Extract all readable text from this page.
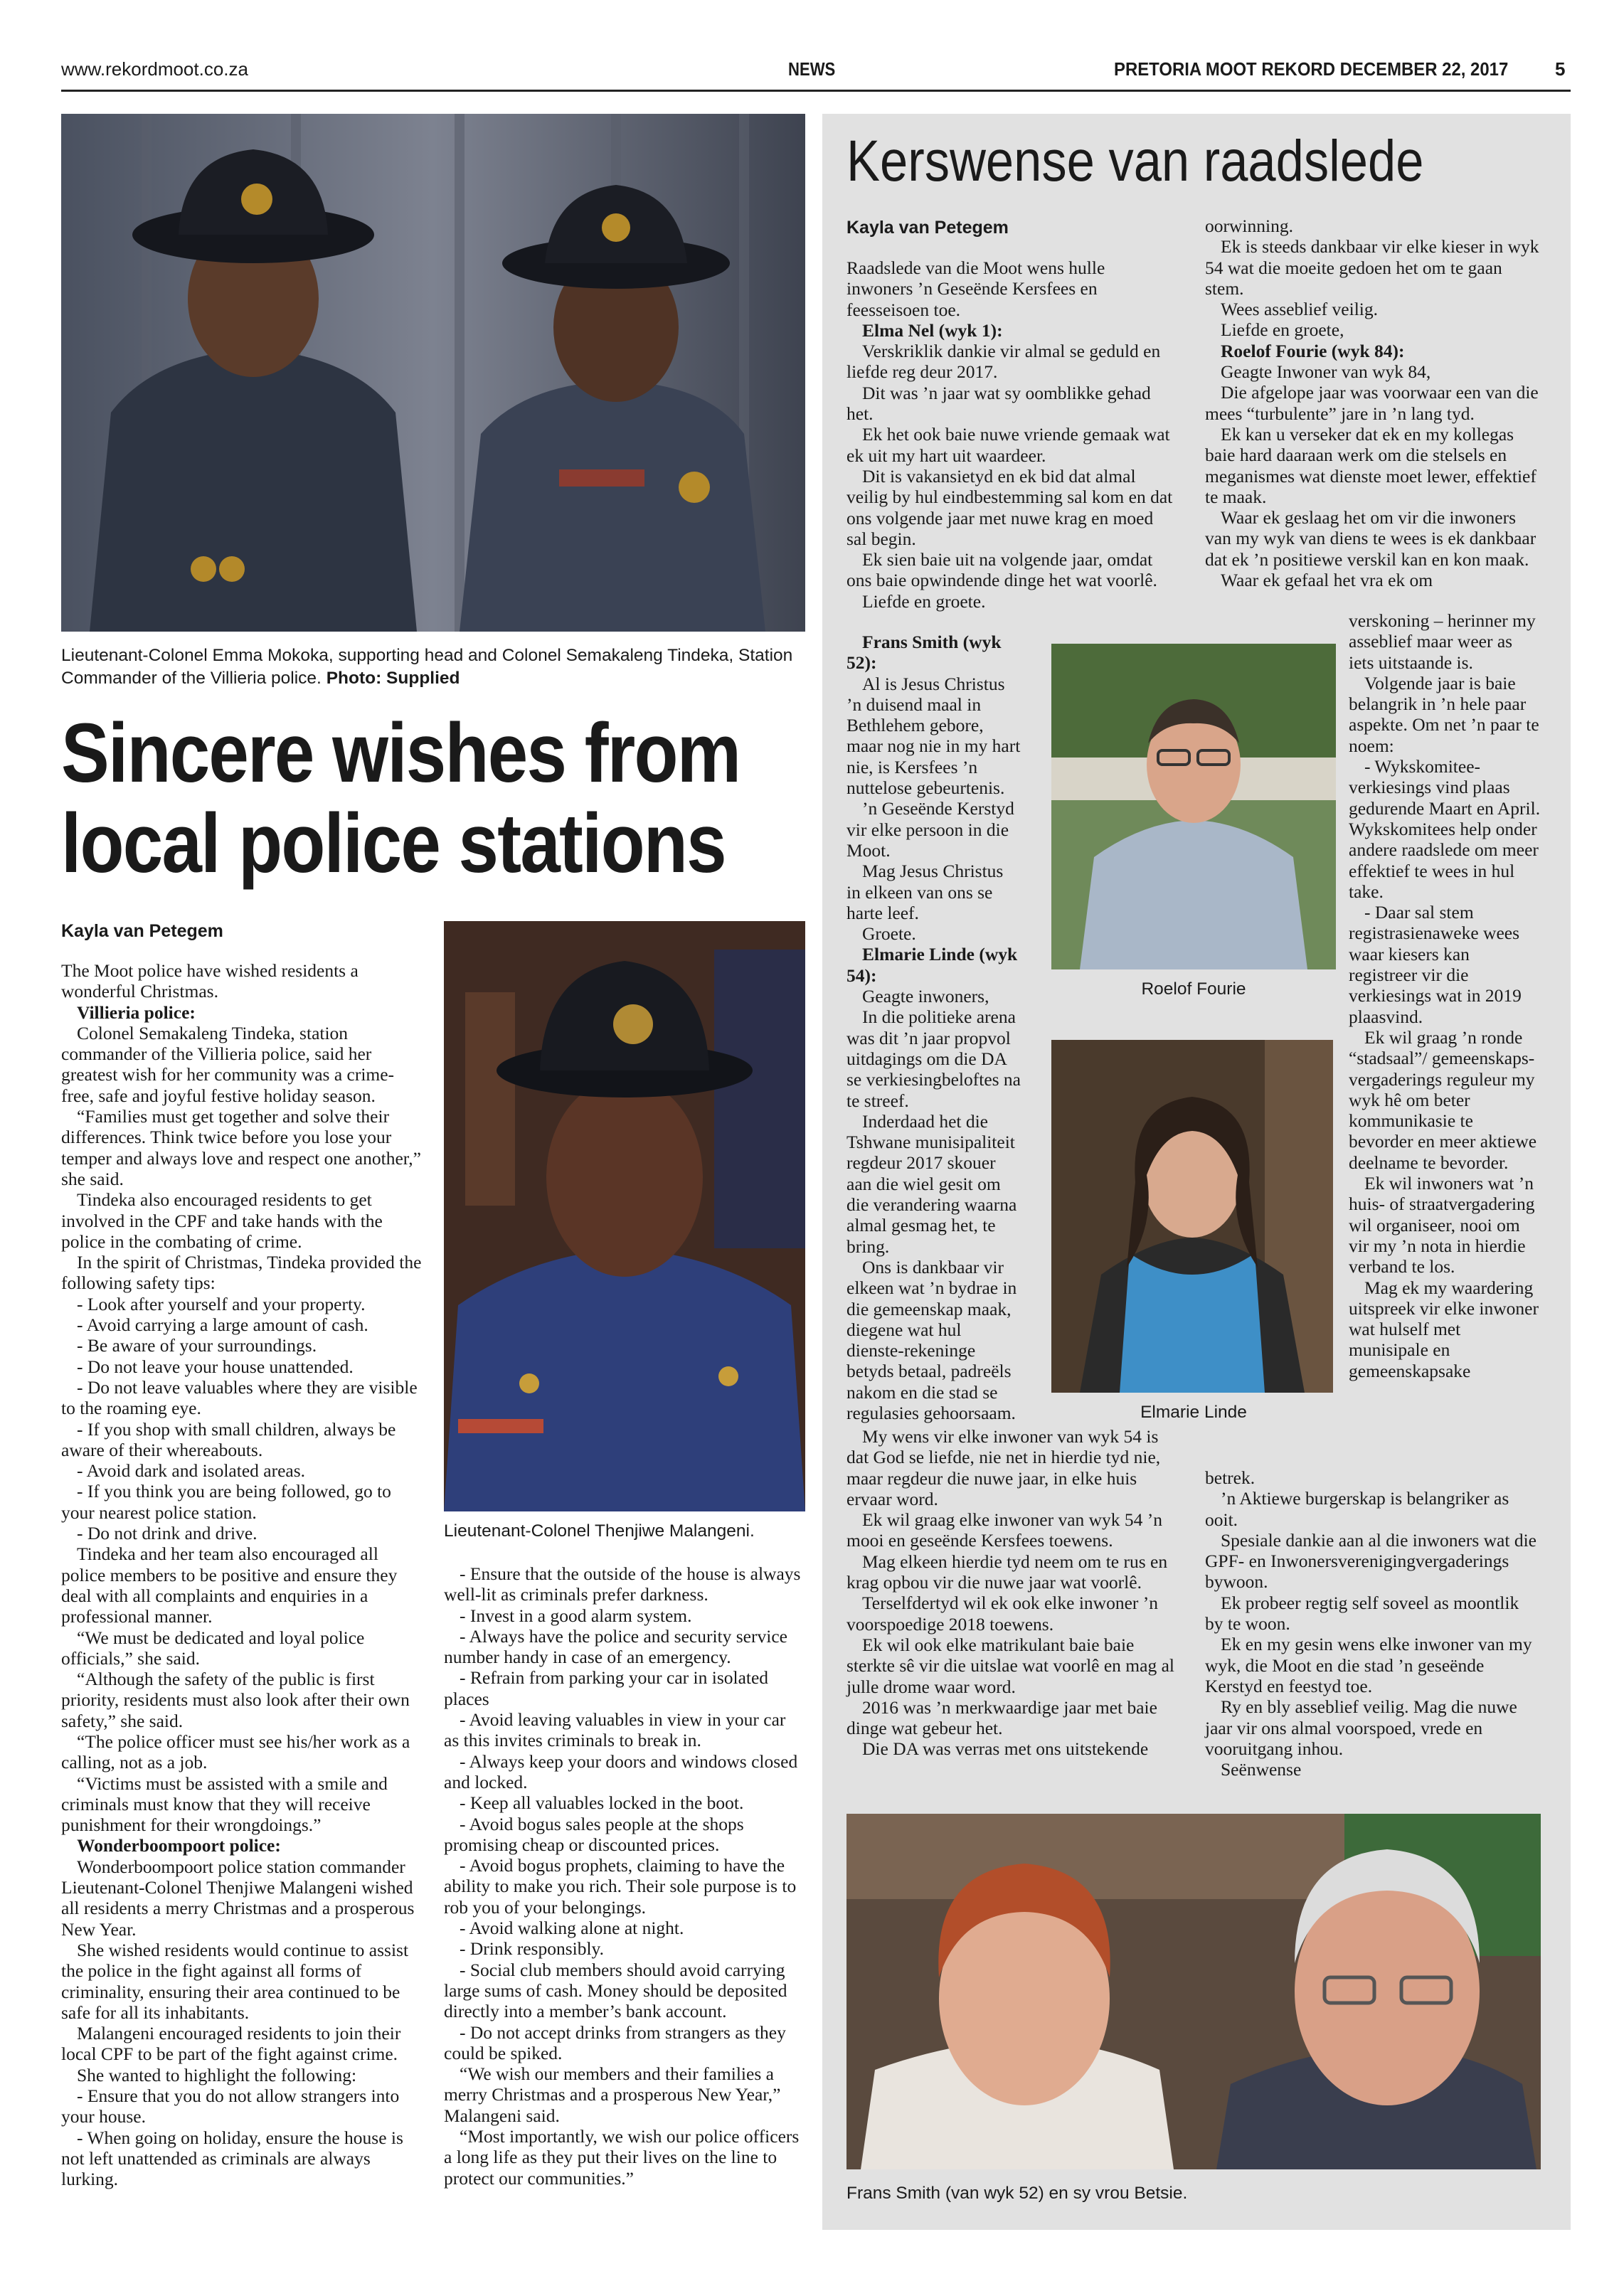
www.rekordmoot.co.za	NEWS	PRETORIA MOOT REKORD DECEMBER 22, 2017	5
Lieutenant-Colonel Emma Mokoka, supporting head and Colonel Semakaleng Tindeka, Station Commander of the Villieria police. Photo: Supplied
Sincere wishes from
local police stations
Kayla van Petegem

The Moot police have wished residents a wonderful Christmas.

Villieria police:

Colonel Semakaleng Tindeka, station commander of the Villieria police, said her greatest wish for her community was a crime-free, safe and joyful festive holiday season.

“Families must get together and solve their differences. Think twice before you lose your temper and always love and respect one another,” she said.

Tindeka also encouraged residents to get involved in the CPF and take hands with the police in the combating of crime.

In the spirit of Christmas, Tindeka provided the following safety tips:

- Look after yourself and your property.

- Avoid carrying a large amount of cash.

- Be aware of your surroundings.

- Do not leave your house unattended.

- Do not leave valuables where they are visible to the roaming eye.

- If you shop with small children, always be aware of their whereabouts.

- Avoid dark and isolated areas.

- If you think you are being followed, go to your nearest police station.

- Do not drink and drive.

Tindeka and her team also encouraged all police members to be positive and ensure they deal with all complaints and enquiries in a professional manner.

“We must be dedicated and loyal police officials,” she said.

“Although the safety of the public is first priority, residents must also look after their own safety,” she said.

“The police officer must see his/her work as a calling, not as a job.

“Victims must be assisted with a smile and criminals must know that they will receive punishment for their wrongdoings.”

Wonderboompoort police:

Wonderboompoort police station commander Lieutenant-Colonel Thenjiwe Malangeni wished all residents a merry Christmas and a prosperous New Year.

She wished residents would continue to assist the police in the fight against all forms of criminality, ensuring their area continued to be safe for all its inhabitants.

Malangeni encouraged residents to join their local CPF to be part of the fight against crime.

She wanted to highlight the following:

- Ensure that you do not allow strangers into your house.

- When going on holiday, ensure the house is not left unattended as criminals are always lurking.

Lieutenant-Colonel Thenjiwe Malangeni.

- Ensure that the outside of the house is always well-lit as criminals prefer darkness.

- Invest in a good alarm system.

- Always have the police and security service number handy in case of an emergency.

- Refrain from parking your car in isolated places

- Avoid leaving valuables in view in your car as this invites criminals to break in.

- Always keep your doors and windows closed and locked.

- Keep all valuables locked in the boot.

- Avoid bogus sales people at the shops promising cheap or discounted prices.

- Avoid bogus prophets, claiming to have the ability to make you rich. Their sole purpose is to rob you of your belongings.

- Avoid walking alone at night.

- Drink responsibly.

- Social club members should avoid carrying large sums of cash. Money should be deposited directly into a member’s bank account.

- Do not accept drinks from strangers as they could be spiked.

“We wish our members and their families a merry Christmas and a prosperous New Year,” Malangeni said.

“Most importantly, we wish our police officers a long life as they put their lives on the line to protect our communities.”

Kerswense van raadslede
Kayla van Petegem

Raadslede van die Moot wens hulle inwoners ’n Geseënde Kersfees en feesseisoen toe.

Elma Nel (wyk 1):

Verskriklik dankie vir almal se geduld en liefde reg deur 2017.

Dit was ’n jaar wat sy oomblikke gehad het.

Ek het ook baie nuwe vriende gemaak wat ek uit my hart uit waardeer.

Dit is vakansietyd en ek bid dat almal veilig by hul eindbestemming sal kom en dat ons volgende jaar met nuwe krag en moed sal begin.

Ek sien baie uit na volgende jaar, omdat ons baie opwindende dinge het wat voorlê.

Liefde en groete.

Frans Smith (wyk 52):

Al is Jesus Christus ’n duisend maal in Bethlehem gebore, maar nog nie in my hart nie, is Kersfees ’n nuttelose gebeurtenis.

’n Geseënde Kerstyd vir elke persoon in die Moot.

Mag Jesus Christus in elkeen van ons se harte leef.

Groete.

Elmarie Linde (wyk 54):

Geagte inwoners,

In die politieke arena was dit ’n jaar propvol uitdagings om die DA se verkiesingbeloftes na te streef.

Inderdaad het die Tshwane munisipaliteit regdeur 2017 skouer aan die wiel gesit om die verandering waarna almal gesmag het, te bring.

Ons is dankbaar vir elkeen wat ’n bydrae in die gemeenskap maak, diegene wat hul dienste-rekeninge betyds betaal, padreëls nakom en die stad se regulasies gehoorsaam.

My wens vir elke inwoner van wyk 54 is dat God se liefde, nie net in hierdie tyd nie, maar regdeur die nuwe jaar, in elke huis ervaar word.

Ek wil graag elke inwoner van wyk 54 ’n mooi en geseënde Kersfees toewens.

Mag elkeen hierdie tyd neem om te rus en krag opbou vir die nuwe jaar wat voorlê.

Terselfdertyd wil ek ook elke inwoner ’n voorspoedige 2018 toewens.

Ek wil ook elke matrikulant baie baie sterkte sê vir die uitslae wat voorlê en mag al julle drome waar word.

2016 was ’n merkwaardige jaar met baie dinge wat gebeur het.

Die DA was verras met ons uitstekende

oorwinning.

Ek is steeds dankbaar vir elke kieser in wyk 54 wat die moeite gedoen het om te gaan stem.

Wees asseblief veilig.

Liefde en groete,

Roelof Fourie (wyk 84):

Geagte Inwoner van wyk 84,

Die afgelope jaar was voorwaar een van die mees “turbulente” jare in ’n lang tyd.

Ek kan u verseker dat ek en my kollegas baie hard daaraan werk om die stelsels en meganismes wat dienste moet lewer, effektief te maak.

Waar ek geslaag het om vir die inwoners van my wyk van diens te wees is ek dankbaar dat ek ’n positiewe verskil kan en kon maak.

Waar ek gefaal het vra ek om

verskoning – herinner my asseblief maar weer as iets uitstaande is.

Volgende jaar is baie belangrik in ’n hele paar aspekte. Om net ’n paar te noem:

- Wykskomitee-verkiesings vind plaas gedurende Maart en April. Wykskomitees help onder andere raadslede om meer effektief te wees in hul take.

- Daar sal stem registrasienaweke wees waar kiesers kan registreer vir die verkiesings wat in 2019 plaasvind.

Ek wil graag ’n ronde “stadsaal”/ gemeenskaps-vergaderings reguleur my wyk hê om beter kommunikasie te bevorder en meer aktiewe deelname te bevorder.

Ek wil inwoners wat ’n huis- of straatvergadering wil organiseer, nooi om vir my ’n nota in hierdie verband te los.

Mag ek my waardering uitspreek vir elke inwoner wat hulself met munisipale en gemeenskapsake

betrek.

’n Aktiewe burgerskap is belangriker as ooit.

Spesiale dankie aan al die inwoners wat die GPF- en Inwonersverenigingvergaderings bywoon.

Ek probeer regtig self soveel as moontlik by te woon.

Ek en my gesin wens elke inwoner van my wyk, die Moot en die stad ’n geseënde Kerstyd en feestyd toe.

Ry en bly asseblief veilig. Mag die nuwe jaar vir ons almal voorspoed, vrede en vooruitgang inhou.

Seënwense

Roelof Fourie
Elmarie Linde
Frans Smith (van wyk 52) en sy vrou Betsie.
